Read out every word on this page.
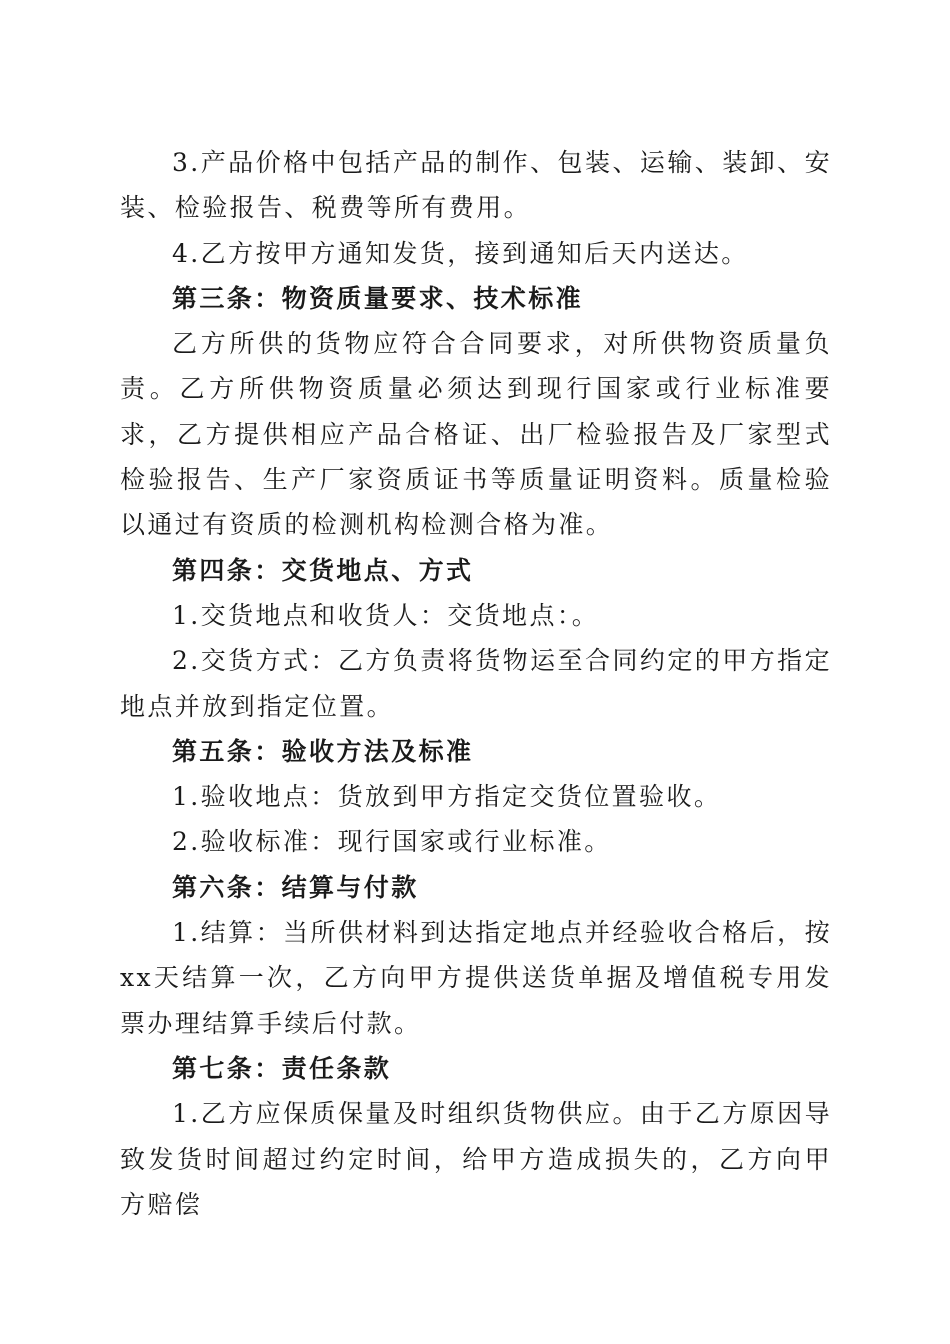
3.产品价格中包括产品的制作、包装、运输、装卸、安装、检验报告、税费等所有费用。

4.乙方按甲方通知发货，接到通知后天内送达。

第三条：物资质量要求、技术标准

乙方所供的货物应符合合同要求，对所供物资质量负责。乙方所供物资质量必须达到现行国家或行业标准要求，乙方提供相应产品合格证、出厂检验报告及厂家型式检验报告、生产厂家资质证书等质量证明资料。质量检验以通过有资质的检测机构检测合格为准。

第四条：交货地点、方式

1.交货地点和收货人：交货地点：。

2.交货方式：乙方负责将货物运至合同约定的甲方指定地点并放到指定位置。

第五条：验收方法及标准

1.验收地点：货放到甲方指定交货位置验收。

2.验收标准：现行国家或行业标准。

第六条：结算与付款

1.结算：当所供材料到达指定地点并经验收合格后，按xx天结算一次，乙方向甲方提供送货单据及增值税专用发票办理结算手续后付款。

第七条：责任条款

1.乙方应保质保量及时组织货物供应。由于乙方原因导致发货时间超过约定时间，给甲方造成损失的，乙方向甲方赔偿
